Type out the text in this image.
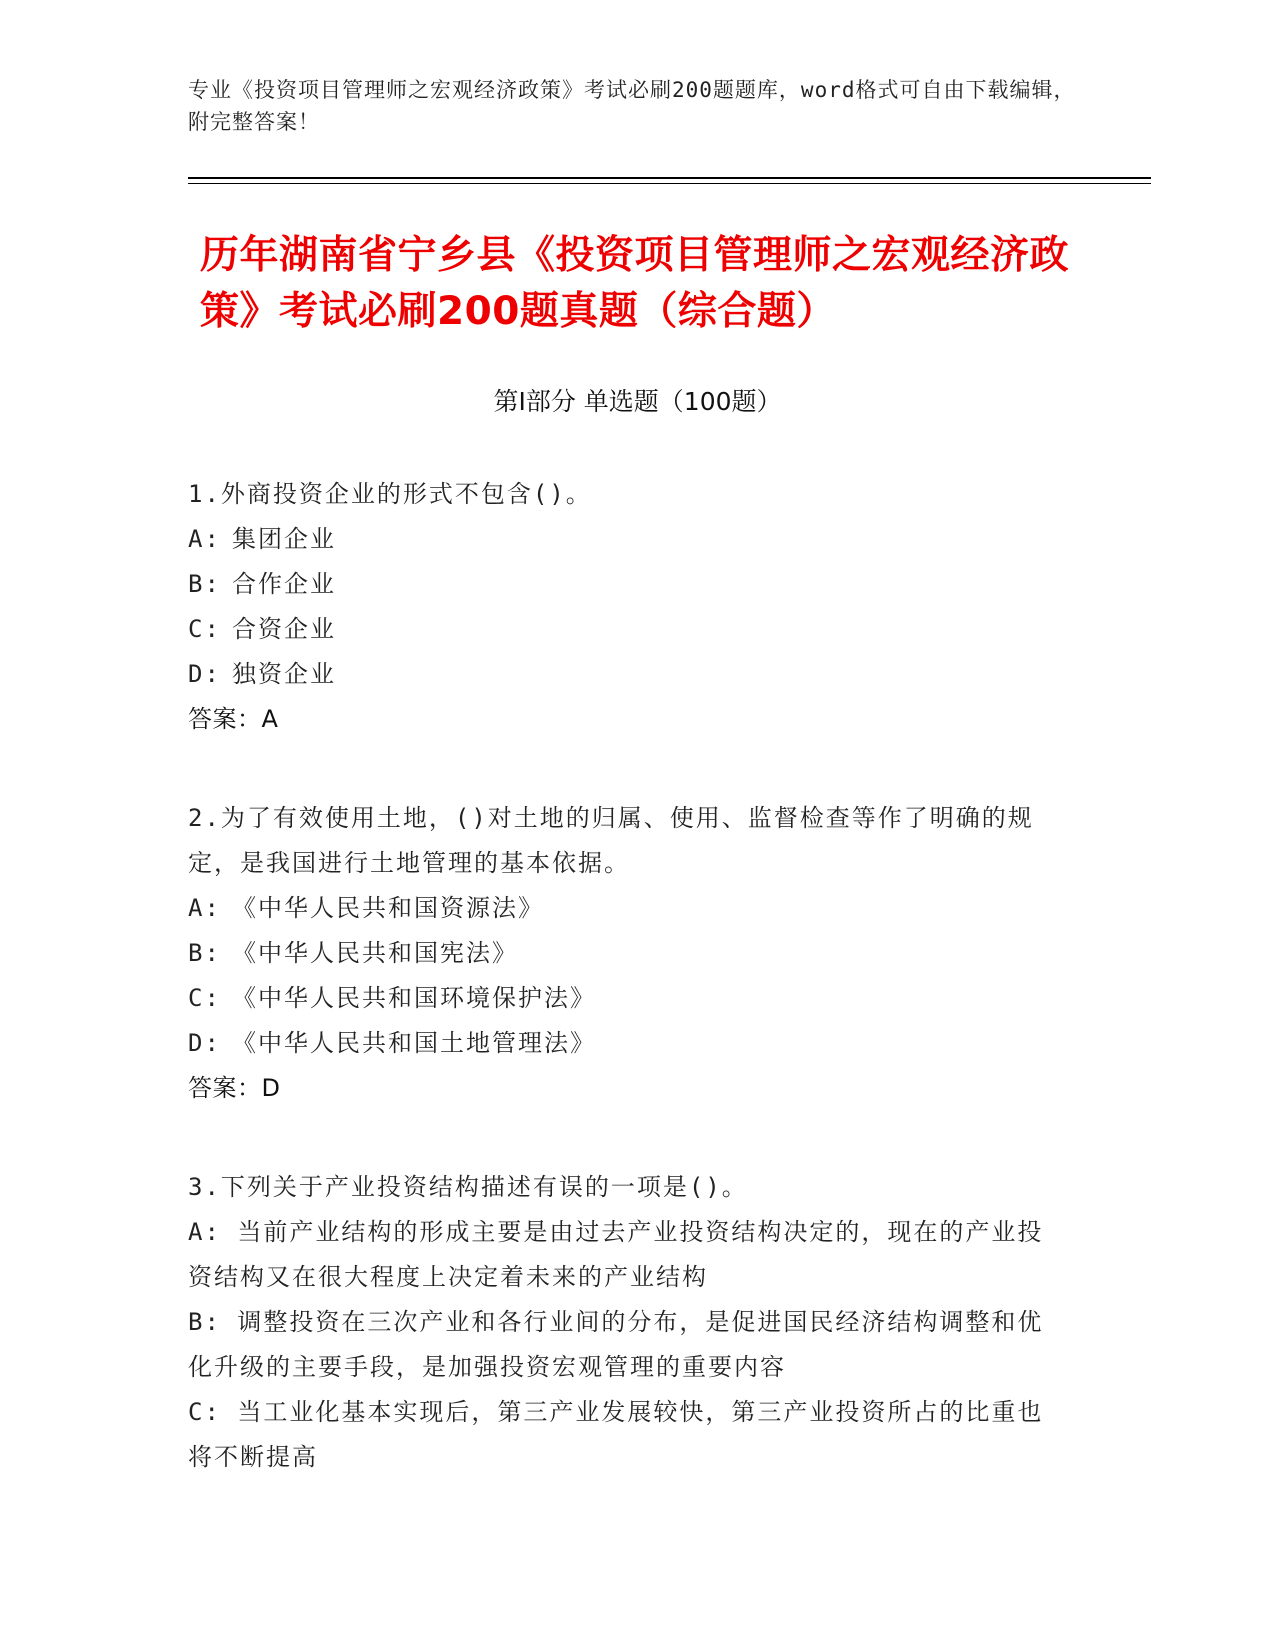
专业《投资项目管理师之宏观经济政策》考试必刷200题题库，word格式可自由下载编辑，附完整答案！
历年湖南省宁乡县《投资项目管理师之宏观经济政策》考试必刷200题真题（综合题）
第Ⅰ部分 单选题（100题）

1.外商投资企业的形式不包含()。

A: 集团企业

B: 合作企业

C: 合资企业

D: 独资企业

答案：A

2.为了有效使用土地，()对土地的归属、使用、监督检查等作了明确的规定，是我国进行土地管理的基本依据。

A: 《中华人民共和国资源法》

B: 《中华人民共和国宪法》

C: 《中华人民共和国环境保护法》

D: 《中华人民共和国土地管理法》

答案：D

3.下列关于产业投资结构描述有误的一项是()。

A: 当前产业结构的形成主要是由过去产业投资结构决定的，现在的产业投资结构又在很大程度上决定着未来的产业结构

B: 调整投资在三次产业和各行业间的分布，是促进国民经济结构调整和优化升级的主要手段，是加强投资宏观管理的重要内容

C: 当工业化基本实现后，第三产业发展较快，第三产业投资所占的比重也将不断提高
